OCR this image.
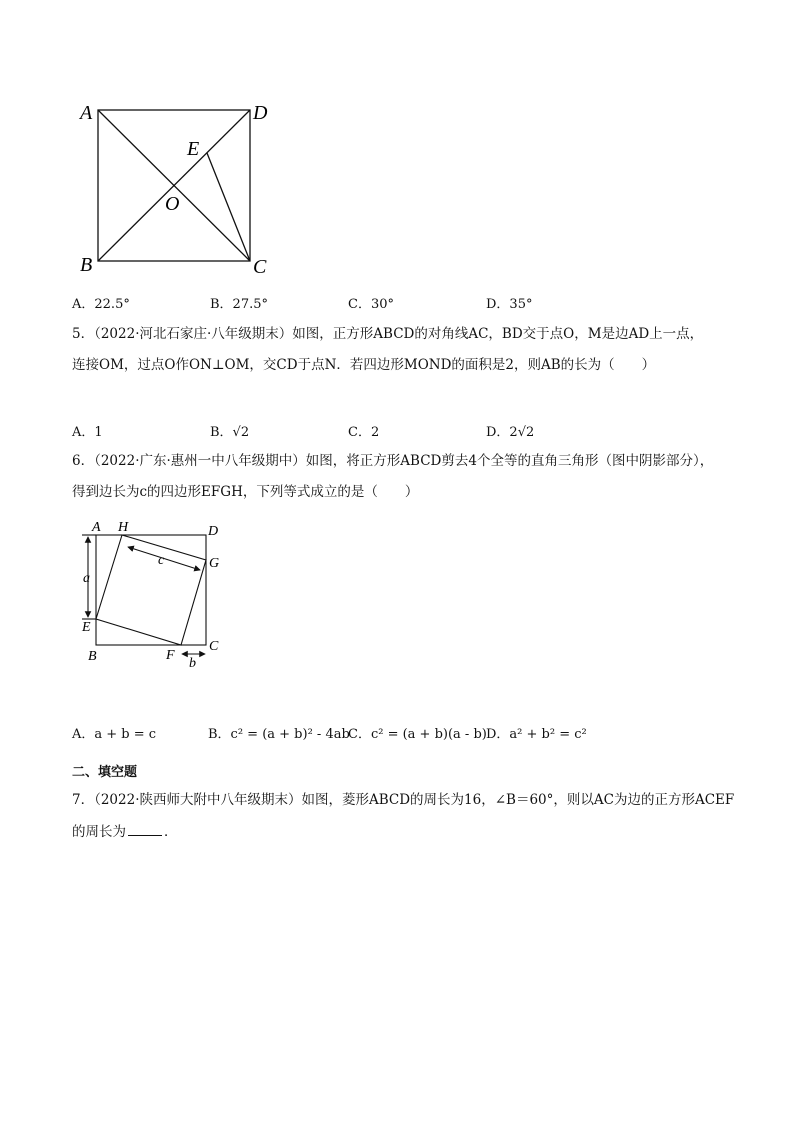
A	D
E
O
B	C
A．22.5°	B．27.5°	C．30°	D．35°
5．（2022·河北石家庄·八年级期末）如图，正方形ABCD的对角线AC，BD交于点O，M是边AD上一点，
连接OM，过点O作ON⊥OM，交CD于点N．若四边形MOND的面积是2，则AB的长为（　　）
A．1	B．√2	C．2	D．2√2
6．（2022·广东·惠州一中八年级期中）如图，将正方形ABCD剪去4个全等的直角三角形（图中阴影部分），
得到边长为c的四边形EFGH，下列等式成立的是（　　）
A H	D
G
a
c
E
B	F
b
C
A．a + b = c	B．c² = (a + b)² - 4ab
C．c² = (a + b)(a - b) D．a² + b² = c²
二、填空题
7．（2022·陕西师大附中八年级期末）如图，菱形ABCD的周长为16，∠B＝60°，则以AC为边的正方形ACEF
的周长为	．
